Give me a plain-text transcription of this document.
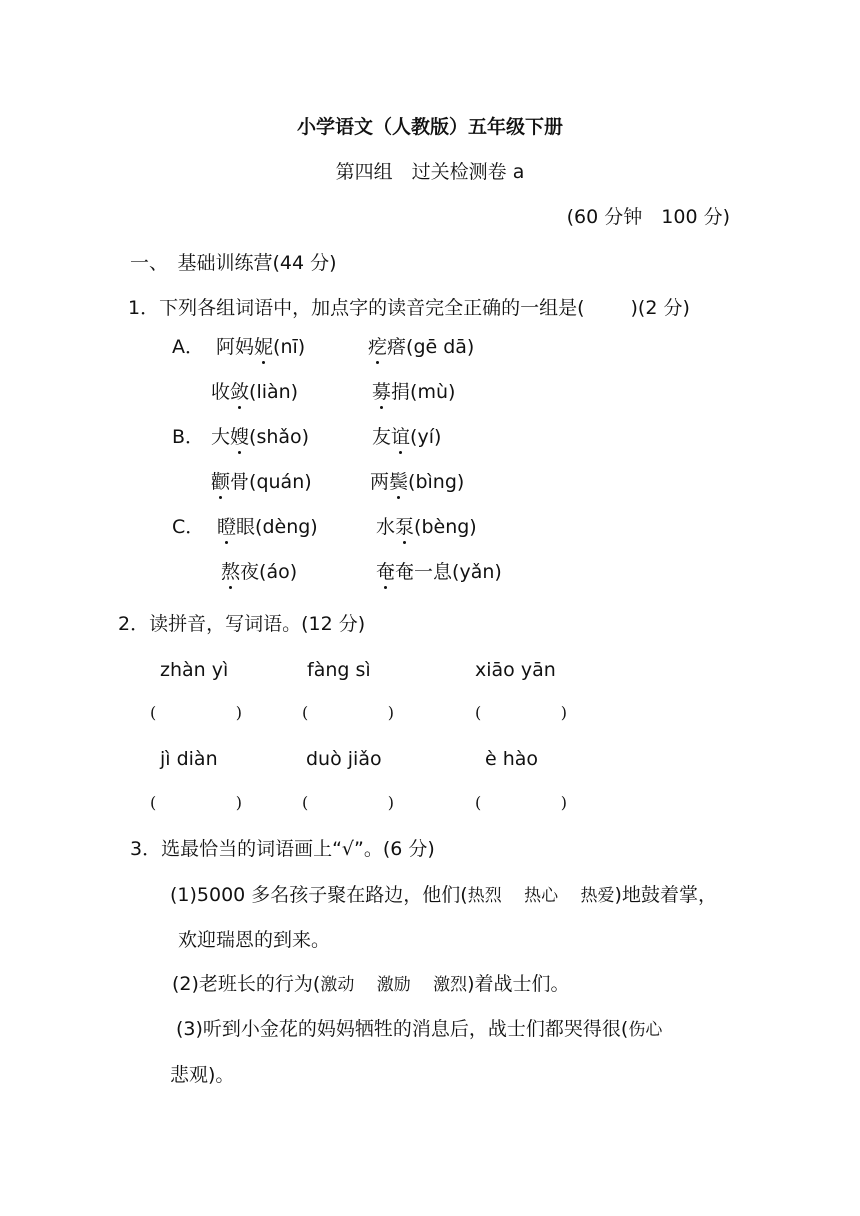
小学语文（人教版）五年级下册
第四组　过关检测卷 a
(60 分钟　100 分)
一、　基础训练营(44 分)
1．下列各组词语中，加点字的读音完全正确的一组是( )(2 分)
A． 阿妈妮(nī)	疙瘩(gē dā)
收敛(liàn)	募捐(mù)
B． 大嫂(shǎo)	友谊(yí)
颧骨(quán)	两鬓(bìng)
C． 瞪眼(dèng)	水泵(bèng)
熬夜(áo)	奄奄一息(yǎn)
2．读拼音，写词语。(12 分)
zhàn yì	fàng sì	xiāo yān
(	)	(	)	(	)
jì diàn	duò jiǎo	è hào
(	)	(	)	(	)
3．选最恰当的词语画上“√”。(6 分)
(1)5000 多名孩子聚在路边，他们(热烈　 热心　 热爱)地鼓着掌，
欢迎瑞恩的到来。
(2)老班长的行为(激动　 激励　 激烈)着战士们。
(3)听到小金花的妈妈牺牲的消息后，战士们都哭得很(伤心
悲观)。
